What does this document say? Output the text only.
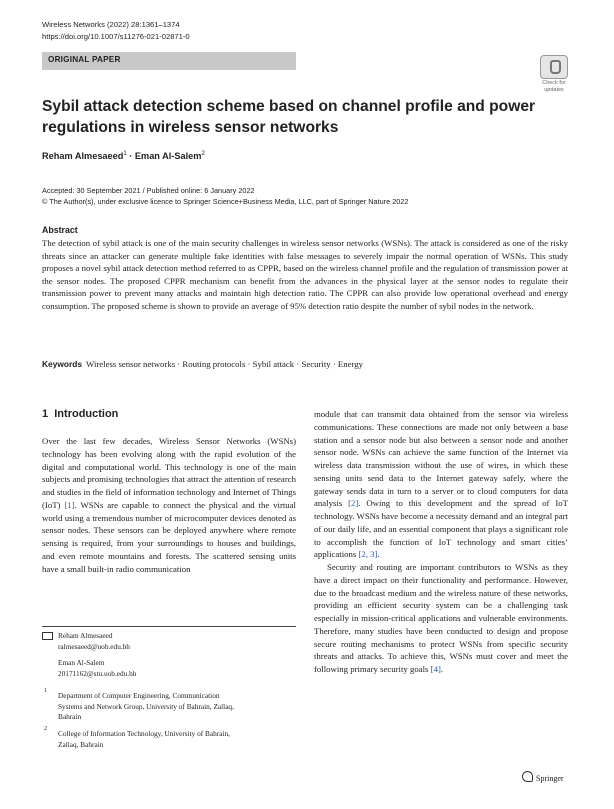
Wireless Networks (2022) 28:1361–1374
https://doi.org/10.1007/s11276-021-02871-0
ORIGINAL PAPER
Check for
updates
Sybil attack detection scheme based on channel profile and power
regulations in wireless sensor networks
Reham Almesaeed$^1$ · Eman Al-Salem$^2$
Accepted: 30 September 2021 / Published online: 6 January 2022
© The Author(s), under exclusive licence to Springer Science+Business Media, LLC, part of Springer Nature 2022
Abstract
The detection of sybil attack is one of the main security challenges in wireless sensor networks (WSNs). The attack is considered as one of the risky threats since an attacker can generate multiple fake identities with false messages to severely impair the normal operation of WSNs. This study proposes a novel sybil attack detection method referred to as CPPR, based on the wireless channel profile and the regulation of transmission power at the sensor nodes. The proposed CPPR mechanism can benefit from the advances in the physical layer at the sensor nodes to regulate their transmission power to prevent many attacks and maintain high detection ratio. The CPPR can also provide low operational overhead and energy consumption. The proposed scheme is shown to provide an average of 95% detection ratio despite the number of sybil nodes in the network.
Keywords Wireless sensor networks · Routing protocols · Sybil attack · Security · Energy
1 Introduction

Over the last few decades, Wireless Sensor Networks (WSNs) technology has been evolving along with the rapid evolution of the digital and computational world. This technology is one of the main subjects and promising technologies that attract the attention of research and studies in the field of information technology and Internet of Things (IoT) [1]. WSNs are capable to connect the physical and the virtual world using a tremendous number of microcomputer devices denoted as sensor nodes. These sensors can be deployed anywhere where remote sensing is required, from your surroundings to houses and buildings, and even remote mountains and forests. The scattered sensing units have a small built-in radio communication

module that can transmit data obtained from the sensor via wireless communications. These connections are made not only between a base station and a sensor node but also between a sensor node and another sensor node. WSNs can achieve the same function of the Internet via wireless data transmission without the use of wires, in which these sensing units send data to the Internet gateway safely, where the gateway sends data in turn to a server or to cloud computers for data analysis [2]. Owing to this development and the spread of IoT technology. WSNs have become a necessity demand and an integral part of our daily life, and an essential component that plays a significant role to accomplish the function of IoT technology and smart cities’ applications [2, 3].

Security and routing are important contributors to WSNs as they have a direct impact on their functionality and performance. However, due to the broadcast medium and the wireless nature of these networks, providing an efficient security system can be a challenging task especially in mission-critical applications and vulnerable environments. Therefore, many studies have been conducted to design and propose secure routing mechanisms to protect WSNs from specific security threats and attacks. To achieve this, WSNs must cover and meet the following primary security goals [4].

Reham Almesaeed
ralmesaeed@uob.edu.bh
Eman Al-Salem
20171162@stu.uob.edu.bh
1 Department of Computer Engineering, Communication
Systems and Network Group, University of Bahrain, Zallaq,
Bahrain
2 College of Information Technology, University of Bahrain,
Zallaq, Bahrain
Springer
